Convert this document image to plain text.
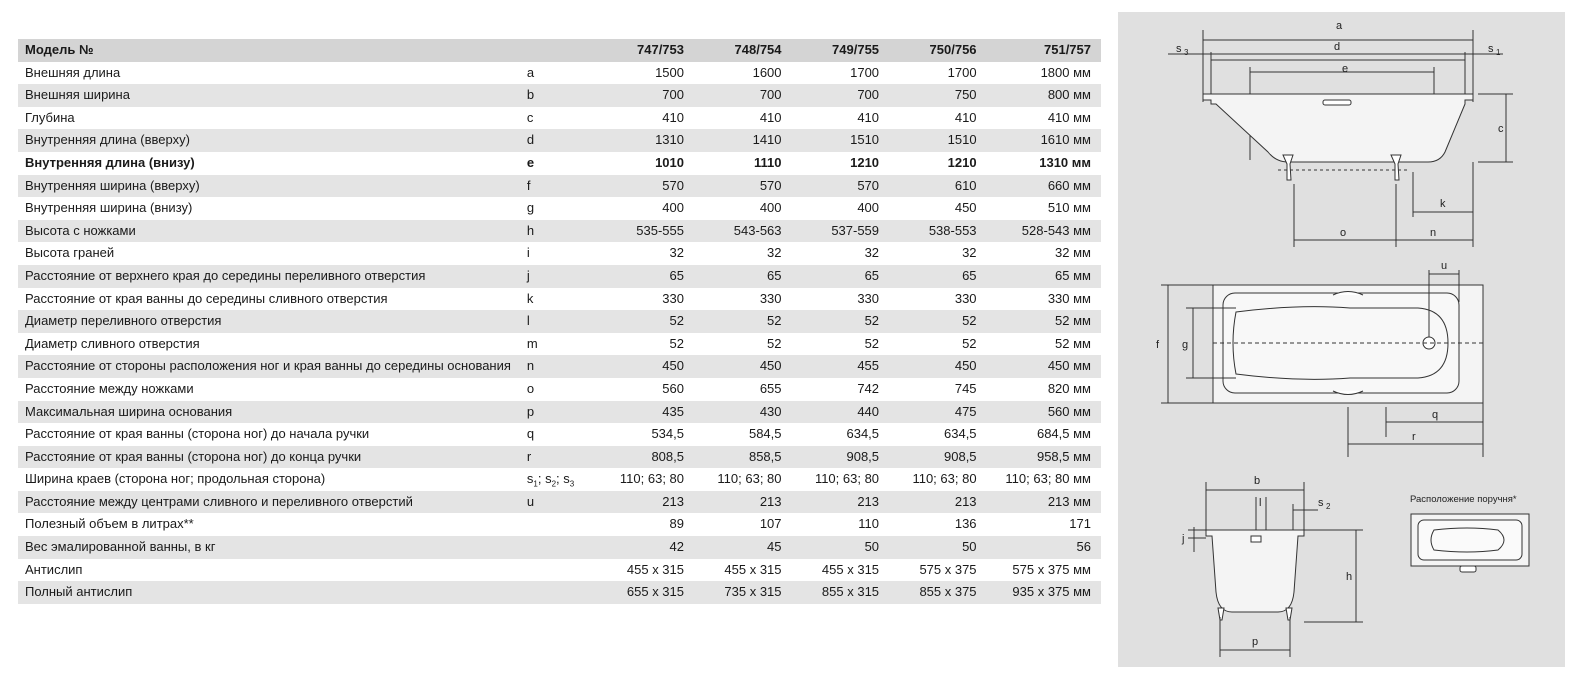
Модель №		747/753	748/754	749/755	750/756	751/757
Внешняя длина	a	1500	1600	1700	1700	1800 мм
Внешняя ширина	b	700	700	700	750	800 мм
Глубина	c	410	410	410	410	410 мм
Внутренняя длина (вверху)	d	1310	1410	1510	1510	1610 мм
Внутренняя длина (внизу)	e	1010	1110	1210	1210	1310 мм
Внутренняя ширина (вверху)	f	570	570	570	610	660 мм
Внутренняя ширина (внизу)	g	400	400	400	450	510 мм
Высота с ножками	h	535-555	543-563	537-559	538-553	528-543 мм
Высота граней	i	32	32	32	32	32 мм
Расстояние от верхнего края до середины переливного отверстия	j	65	65	65	65	65 мм
Расстояние от края ванны до середины сливного отверстия	k	330	330	330	330	330 мм
Диаметр переливного отверстия	l	52	52	52	52	52 мм
Диаметр сливного отверстия	m	52	52	52	52	52 мм
Расстояние от стороны расположения ног и края ванны до середины основания	n	450	450	455	450	450 мм
Расстояние между ножками	o	560	655	742	745	820 мм
Максимальная ширина основания	p	435	430	440	475	560 мм
Расстояние от края ванны (сторона ног) до начала ручки	q	534,5	584,5	634,5	634,5	684,5 мм
Расстояние от края ванны (сторона ног) до конца ручки	r	808,5	858,5	908,5	908,5	958,5 мм
Ширина краев (сторона ног; продольная сторона)	$s_1$; $s_2$; $s_3$	110; 63; 80	110; 63; 80	110; 63; 80	110; 63; 80	110; 63; 80 мм
Расстояние между центрами сливного и переливного отверстий	u	213	213	213	213	213 мм
Полезный объем в литрах**		89	107	110	136	171
Вес эмалированной ванны, в кг		42	45	50	50	56
Антислип		455 x 315	455 x 315	455 x 315	575 x 375	575 x 375 мм
Полный антислип		655 x 315	735 x 315	855 x 315	855 x 375	935 x 375 мм
a
d
e
s 3	s 1
c
k
o	n
u
f g
q
r
b
l	s 2
j
h
p
Расположение поручня*
